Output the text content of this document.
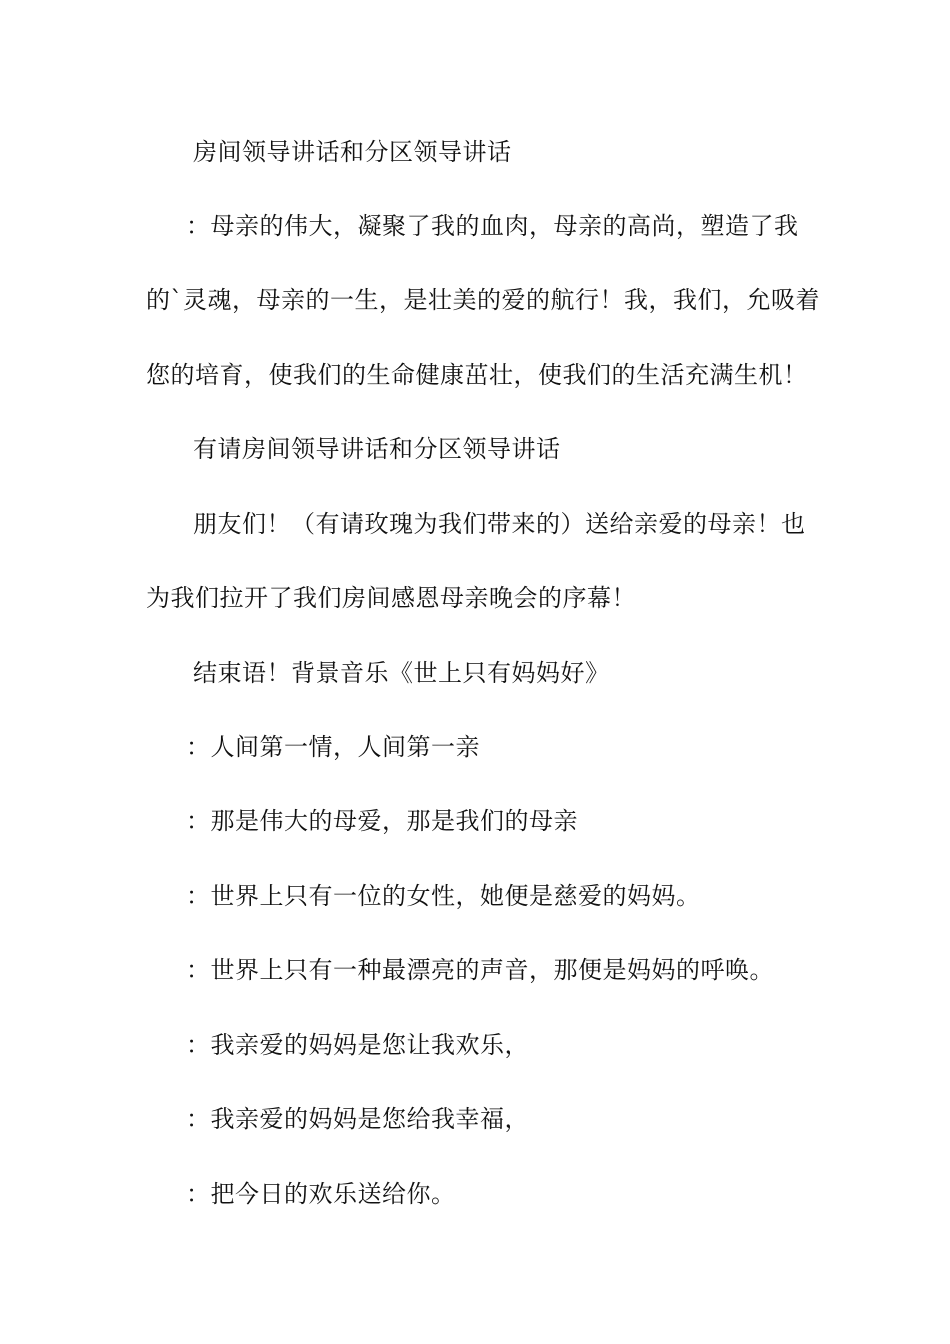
房间领导讲话和分区领导讲话
：母亲的伟大，凝聚了我的血肉，母亲的高尚，塑造了我
的`灵魂，母亲的一生，是壮美的爱的航行！我，我们，允吸着
您的培育，使我们的生命健康茁壮，使我们的生活充满生机！
有请房间领导讲话和分区领导讲话
朋友们！（有请玫瑰为我们带来的）送给亲爱的母亲！也
为我们拉开了我们房间感恩母亲晚会的序幕！
结束语！背景音乐《世上只有妈妈好》
：人间第一情，人间第一亲
：那是伟大的母爱，那是我们的母亲
：世界上只有一位的女性，她便是慈爱的妈妈。
：世界上只有一种最漂亮的声音，那便是妈妈的呼唤。
：我亲爱的妈妈是您让我欢乐，
：我亲爱的妈妈是您给我幸福，
：把今日的欢乐送给你。
